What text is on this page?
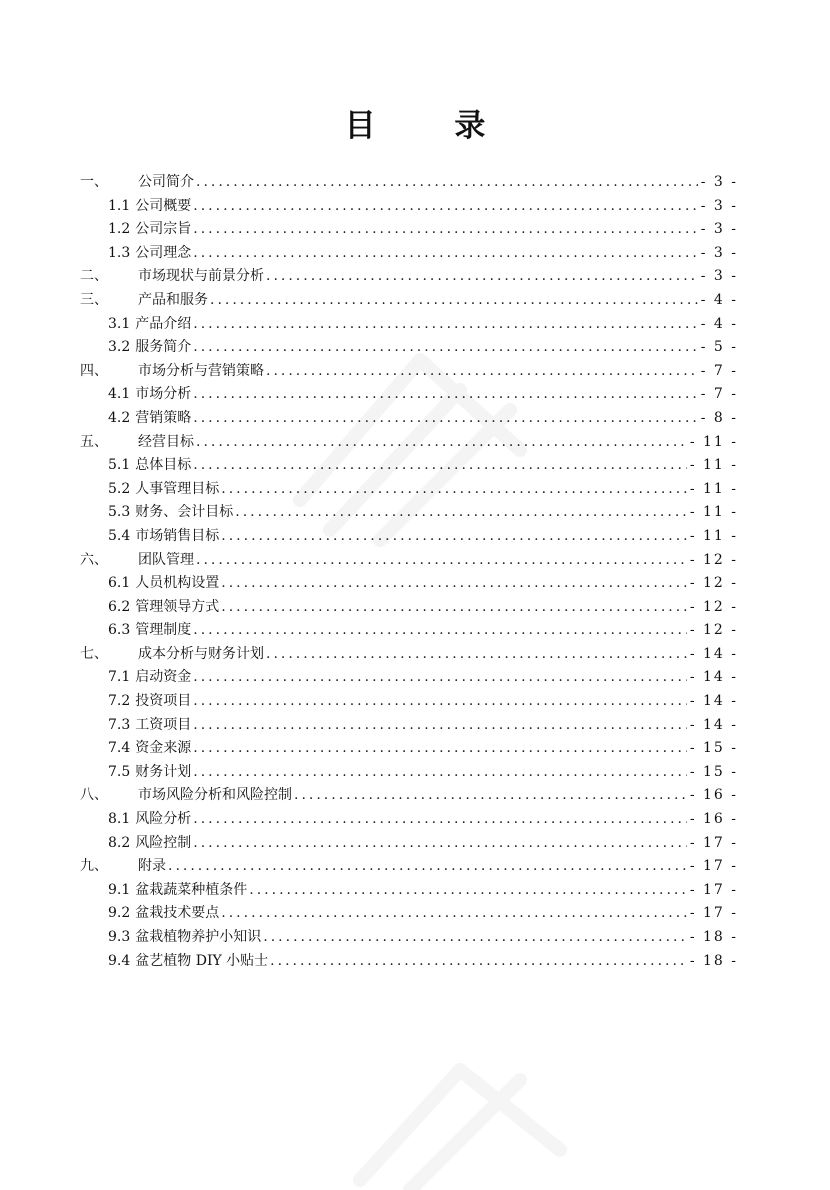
目 录
一、	公司简介 .....	- 3 -
1.1 公司概要 .....	- 3 -
1.2 公司宗旨 .....	- 3 -
1.3 公司理念 .....	- 3 -
二、	市场现状与前景分析 .....	- 3 -
三、	产品和服务 .....	- 4 -
3.1 产品介绍 .....	- 4 -
3.2 服务简介 .....	- 5 -
四、	市场分析与营销策略 .....	- 7 -
4.1 市场分析 .....	- 7 -
4.2 营销策略 .....	- 8 -
五、	经营目标 .....	- 11 -
5.1 总体目标 .....	- 11 -
5.2 人事管理目标 .....	- 11 -
5.3 财务、会计目标 .....	- 11 -
5.4 市场销售目标 .....	- 11 -
六、	团队管理 .....	- 12 -
6.1 人员机构设置 .....	- 12 -
6.2 管理领导方式 .....	- 12 -
6.3 管理制度 .....	- 12 -
七、	成本分析与财务计划 .....	- 14 -
7.1 启动资金 .....	- 14 -
7.2 投资项目 .....	- 14 -
7.3 工资项目 .....	- 14 -
7.4 资金来源 .....	- 15 -
7.5 财务计划 .....	- 15 -
八、	市场风险分析和风险控制 .....	- 16 -
8.1 风险分析 .....	- 16 -
8.2 风险控制 .....	- 17 -
九、	附录 .....	- 17 -
9.1 盆栽蔬菜种植条件 .....	- 17 -
9.2 盆栽技术要点 .....	- 17 -
9.3 盆栽植物养护小知识 .....	- 18 -
9.4 盆艺植物 DIY 小贴士 .....	- 18 -
